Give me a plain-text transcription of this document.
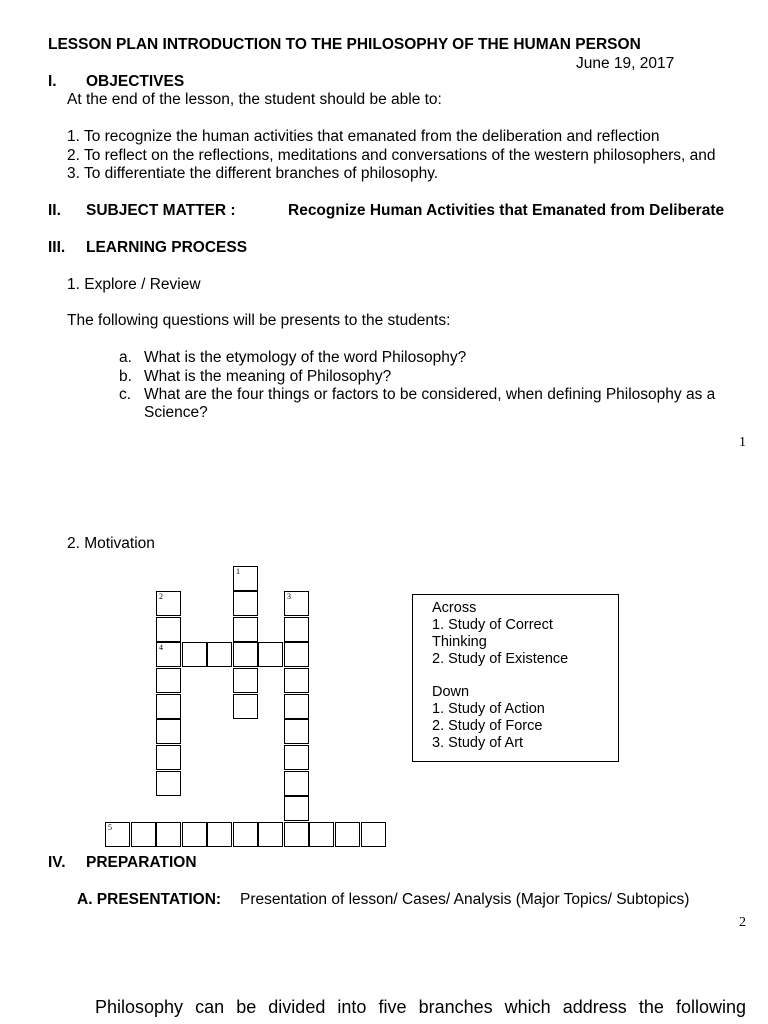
LESSON PLAN INTRODUCTION TO THE PHILOSOPHY OF THE HUMAN PERSON
June 19, 2017
I. OBJECTIVES
At the end of the lesson, the student should be able to:
1. To recognize the human activities that emanated from the deliberation and reflection
2. To reflect on the reflections, meditations and conversations of the western philosophers, and
3. To differentiate the different branches of philosophy.
II. SUBJECT MATTER :	Recognize Human Activities that Emanated from Deliberate
III. LEARNING PROCESS
1. Explore / Review
The following questions will be presents to the students:
a. What is the etymology of the word Philosophy?
b. What is the meaning of Philosophy?
c. What are the four things or factors to be considered, when defining Philosophy as a
Science?
1
2. Motivation
1
2	3
4
5
Across
1. Study of Correct
Thinking
2. Study of Existence
Down
1. Study of Action
2. Study of Force
3. Study of Art
IV. PREPARATION
A. PRESENTATION: Presentation of lesson/ Cases/ Analysis (Major Topics/ Subtopics)
2
Philosophy can be divided into five branches which address the following
